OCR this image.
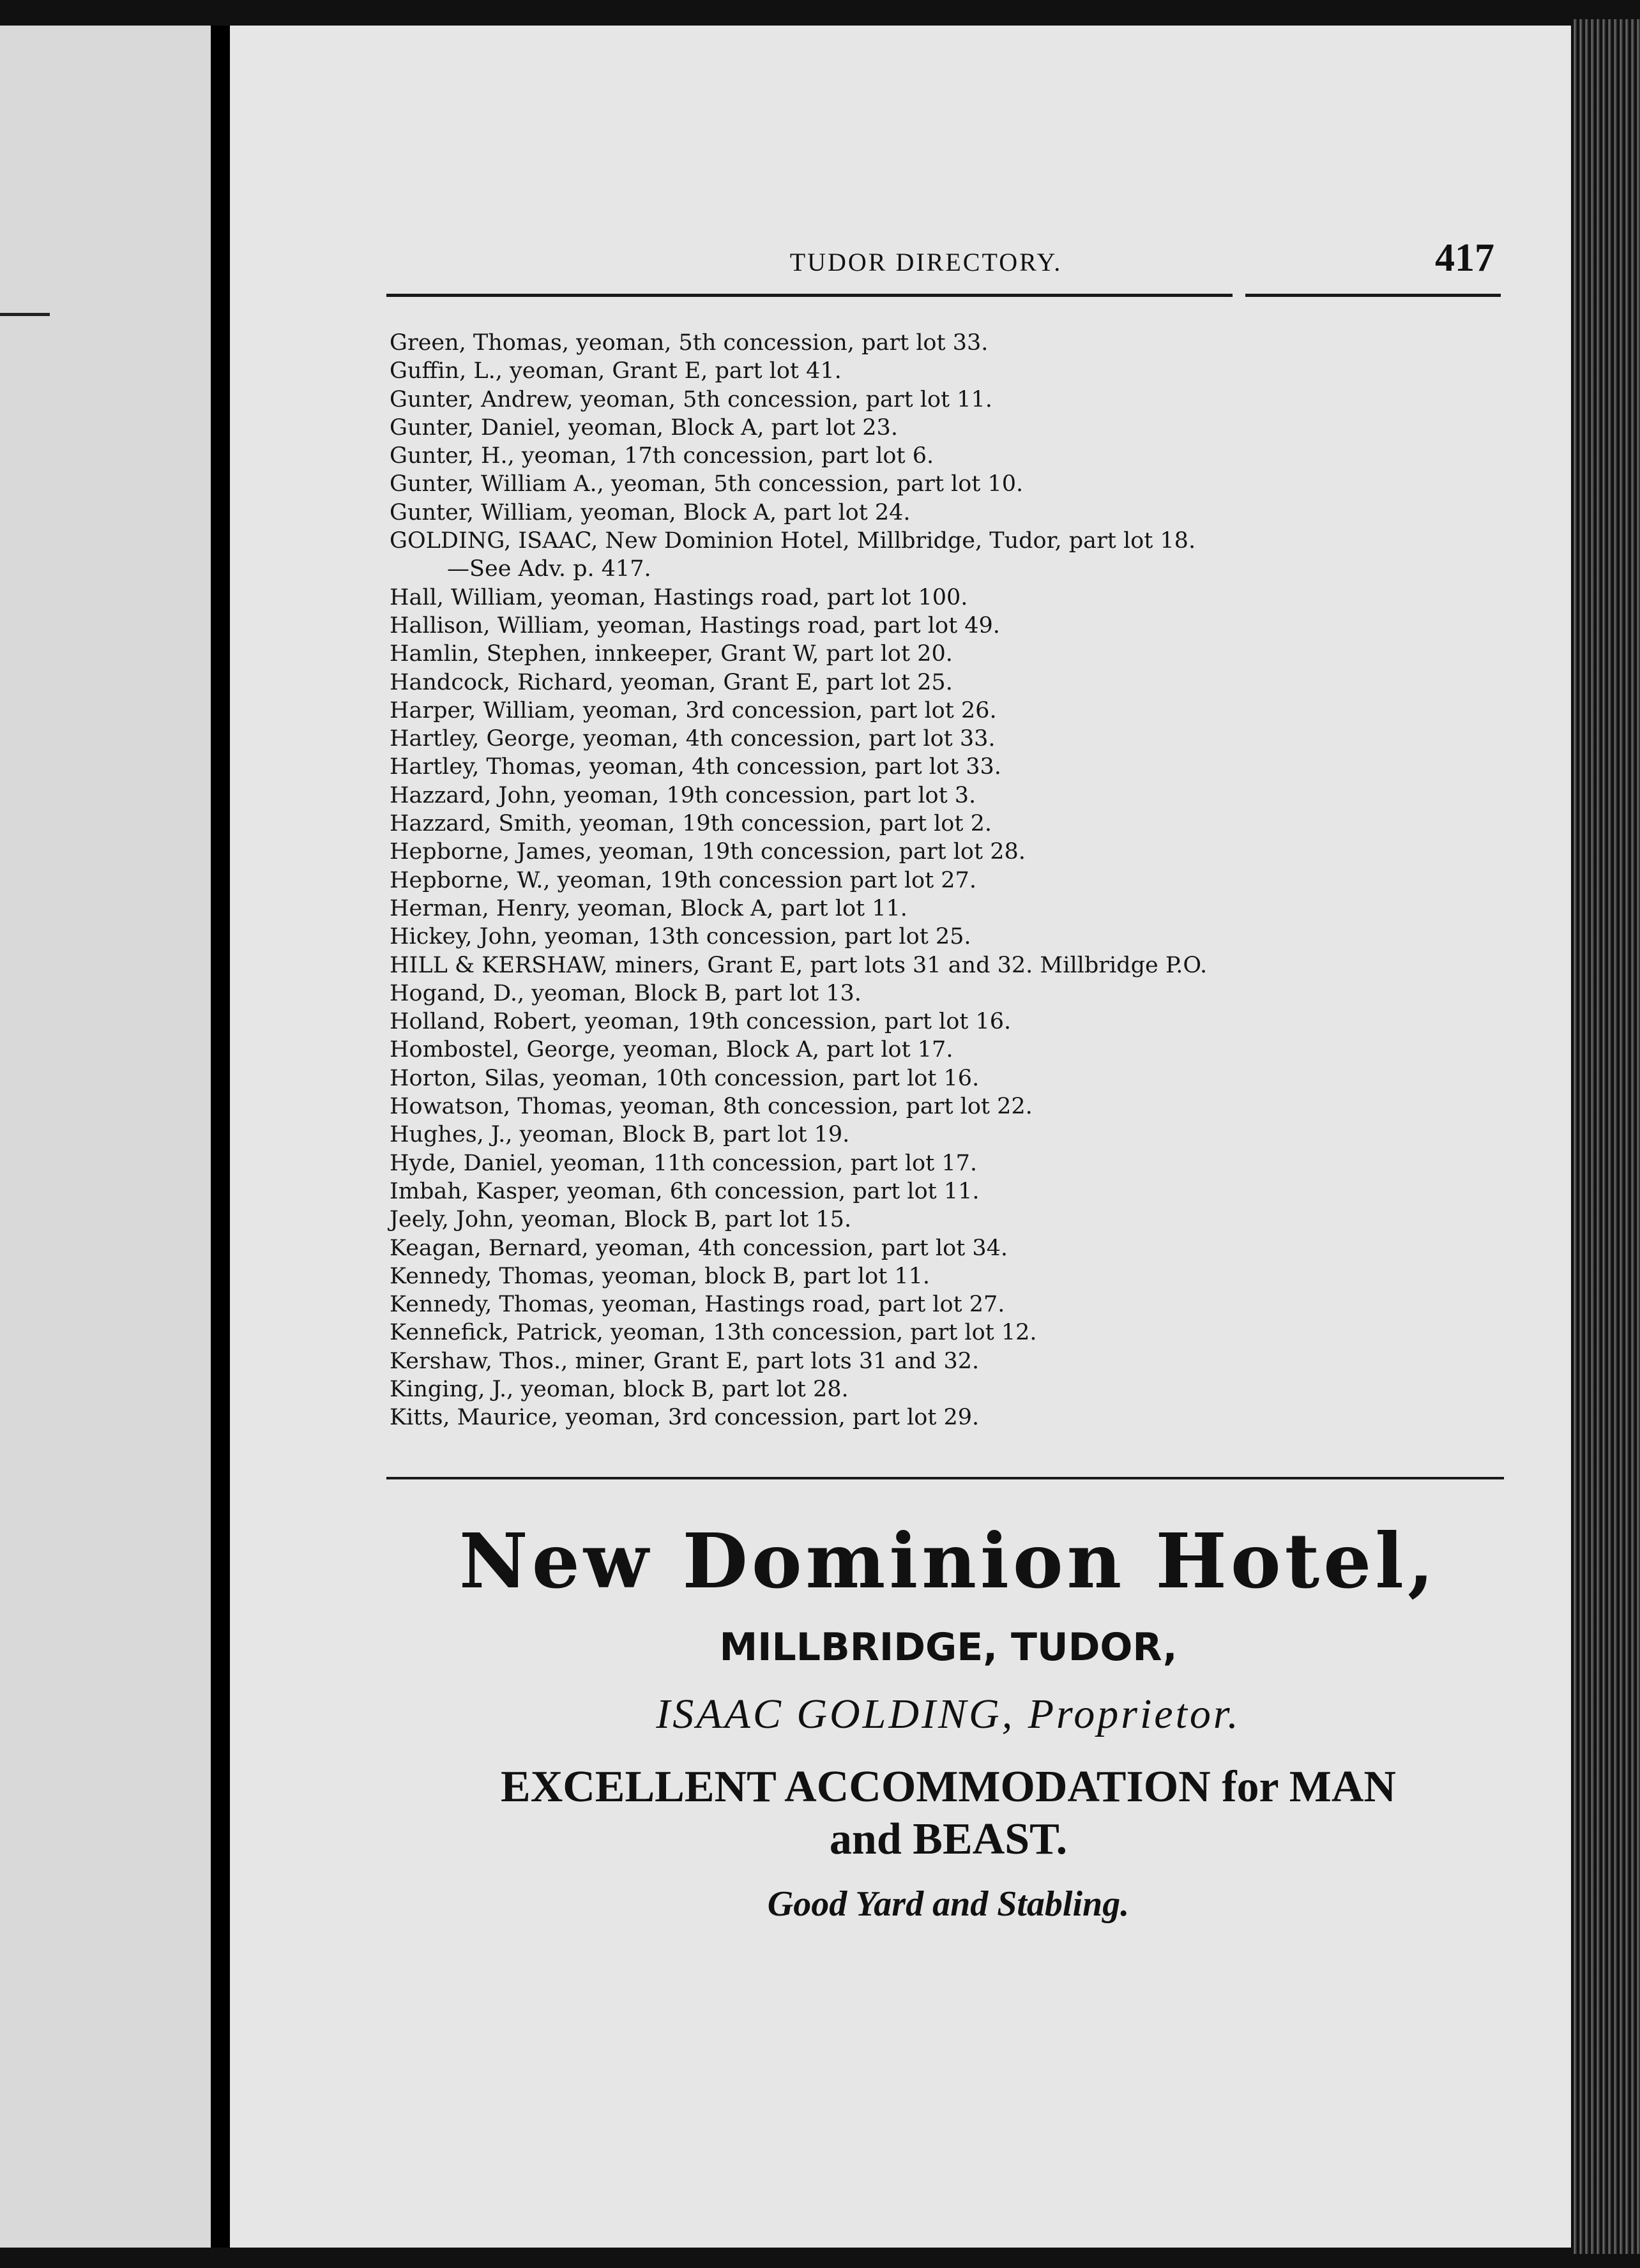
TUDOR DIRECTORY.	417
Green, Thomas, yeoman, 5th concession, part lot 33.
Guffin, L., yeoman, Grant E, part lot 41.
Gunter, Andrew, yeoman, 5th concession, part lot 11.
Gunter, Daniel, yeoman, Block A, part lot 23.
Gunter, H., yeoman, 17th concession, part lot 6.
Gunter, William A., yeoman, 5th concession, part lot 10.
Gunter, William, yeoman, Block A, part lot 24.
GOLDING, ISAAC, New Dominion Hotel, Millbridge, Tudor, part lot 18.
—See Adv. p. 417.
Hall, William, yeoman, Hastings road, part lot 100.
Hallison, William, yeoman, Hastings road, part lot 49.
Hamlin, Stephen, innkeeper, Grant W, part lot 20.
Handcock, Richard, yeoman, Grant E, part lot 25.
Harper, William, yeoman, 3rd concession, part lot 26.
Hartley, George, yeoman, 4th concession, part lot 33.
Hartley, Thomas, yeoman, 4th concession, part lot 33.
Hazzard, John, yeoman, 19th concession, part lot 3.
Hazzard, Smith, yeoman, 19th concession, part lot 2.
Hepborne, James, yeoman, 19th concession, part lot 28.
Hepborne, W., yeoman, 19th concession part lot 27.
Herman, Henry, yeoman, Block A, part lot 11.
Hickey, John, yeoman, 13th concession, part lot 25.
HILL & KERSHAW, miners, Grant E, part lots 31 and 32. Millbridge P.O.
Hogand, D., yeoman, Block B, part lot 13.
Holland, Robert, yeoman, 19th concession, part lot 16.
Hombostel, George, yeoman, Block A, part lot 17.
Horton, Silas, yeoman, 10th concession, part lot 16.
Howatson, Thomas, yeoman, 8th concession, part lot 22.
Hughes, J., yeoman, Block B, part lot 19.
Hyde, Daniel, yeoman, 11th concession, part lot 17.
Imbah, Kasper, yeoman, 6th concession, part lot 11.
Jeely, John, yeoman, Block B, part lot 15.
Keagan, Bernard, yeoman, 4th concession, part lot 34.
Kennedy, Thomas, yeoman, block B, part lot 11.
Kennedy, Thomas, yeoman, Hastings road, part lot 27.
Kennefick, Patrick, yeoman, 13th concession, part lot 12.
Kershaw, Thos., miner, Grant E, part lots 31 and 32.
Kinging, J., yeoman, block B, part lot 28.
Kitts, Maurice, yeoman, 3rd concession, part lot 29.
New Dominion Hotel,
MILLBRIDGE, TUDOR,
ISAAC GOLDING, Proprietor.
EXCELLENT ACCOMMODATION for MAN
and BEAST.
Good Yard and Stabling.
